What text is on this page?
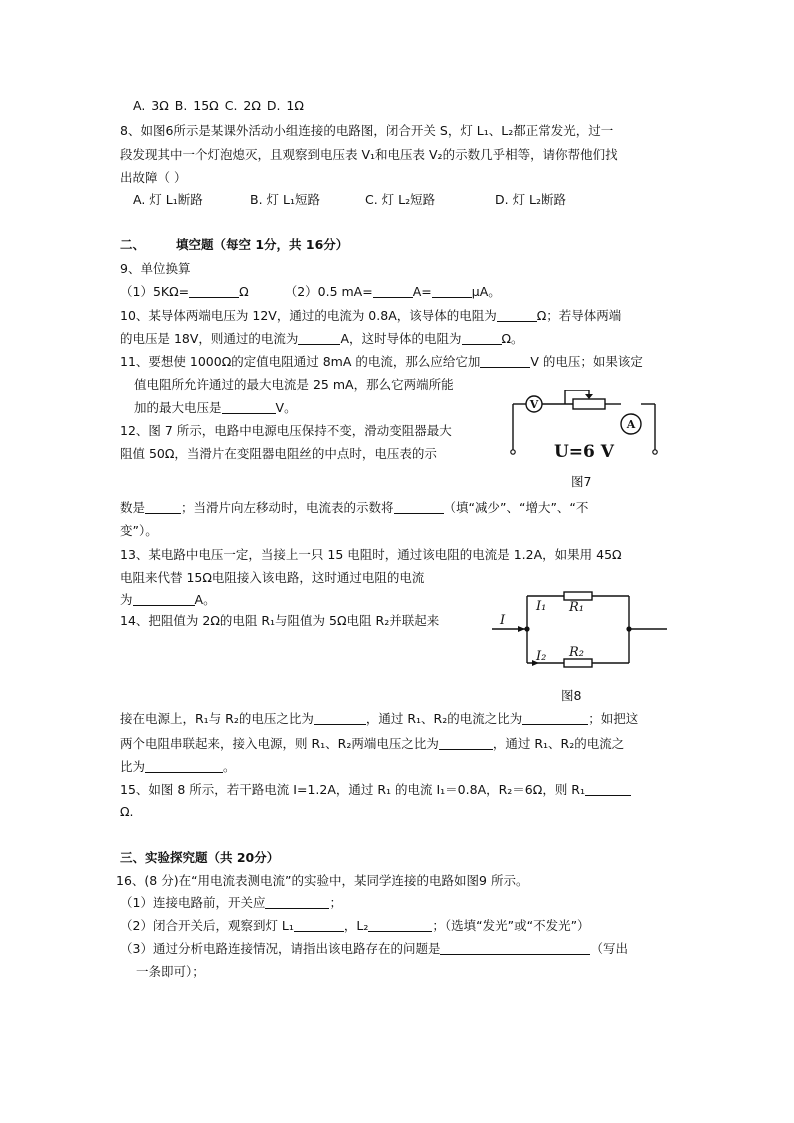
A. 3Ω B. 15Ω C. 2Ω D. 1Ω
8、如图6所示是某课外活动小组连接的电路图，闭合开关 S，灯 L₁、L₂都正常发光，过一
段发现其中一个灯泡熄灭，且观察到电压表 V₁和电压表 V₂的示数几乎相等，请你帮他们找
出故障（ ）
A. 灯 L₁断路	B. 灯 L₁短路	C. 灯 L₂短路	D. 灯 L₂断路
二、 填空题（每空 1分，共 16分）
9、单位换算
（1）5KΩ=	Ω	（2）0.5 mA=	A=	μA。
10、某导体两端电压为 12V，通过的电流为 0.8A，该导体的电阻为	Ω；若导体两端
的电压是 18V，则通过的电流为	A，这时导体的电阻为	Ω。
11、要想使 1000Ω的定值电阻通过 8mA 的电流，那么应给它加	V 的电压；如果该定
值电阻所允许通过的最大电流是 25 mA，那么它两端所能
加的最大电压是	V。
12、图 7 所示，电路中电源电压保持不变，滑动变阻器最大
阻值 50Ω，当滑片在变阻器电阻丝的中点时，电压表的示
数是	；当滑片向左移动时，电流表的示数将	（填“减少”、“增大”、“不
变”）。
V
A
U=6 V
图7
13、某电路中电压一定，当接上一只 15 电阻时，通过该电阻的电流是 1.2A，如果用 45Ω
电阻来代替 15Ω电阻接入该电路，这时通过电阻的电流
为	A。
14、把阻值为 2Ω的电阻 R₁与阻值为 5Ω电阻 R₂并联起来	I
I₁ R₁
I₂ R₂
图8
接在电源上，R₁与 R₂的电压之比为	，通过 R₁、R₂的电流之比为	；如把这
两个电阻串联起来，接入电源，则 R₁、R₂两端电压之比为	，通过 R₁、R₂的电流之
比为	。
15、如图 8 所示，若干路电流 I=1.2A，通过 R₁ 的电流 I₁＝0.8A，R₂＝6Ω，则 R₁
Ω.
三、实验探究题（共 20分）
16、(8 分)在“用电流表测电流”的实验中，某同学连接的电路如图9 所示。
（1）连接电路前，开关应	；
（2）闭合开关后，观察到灯 L₁	，L₂	；（选填“发光”或“不发光”）
（3）通过分析电路连接情况，请指出该电路存在的问题是	（写出
一条即可）；
